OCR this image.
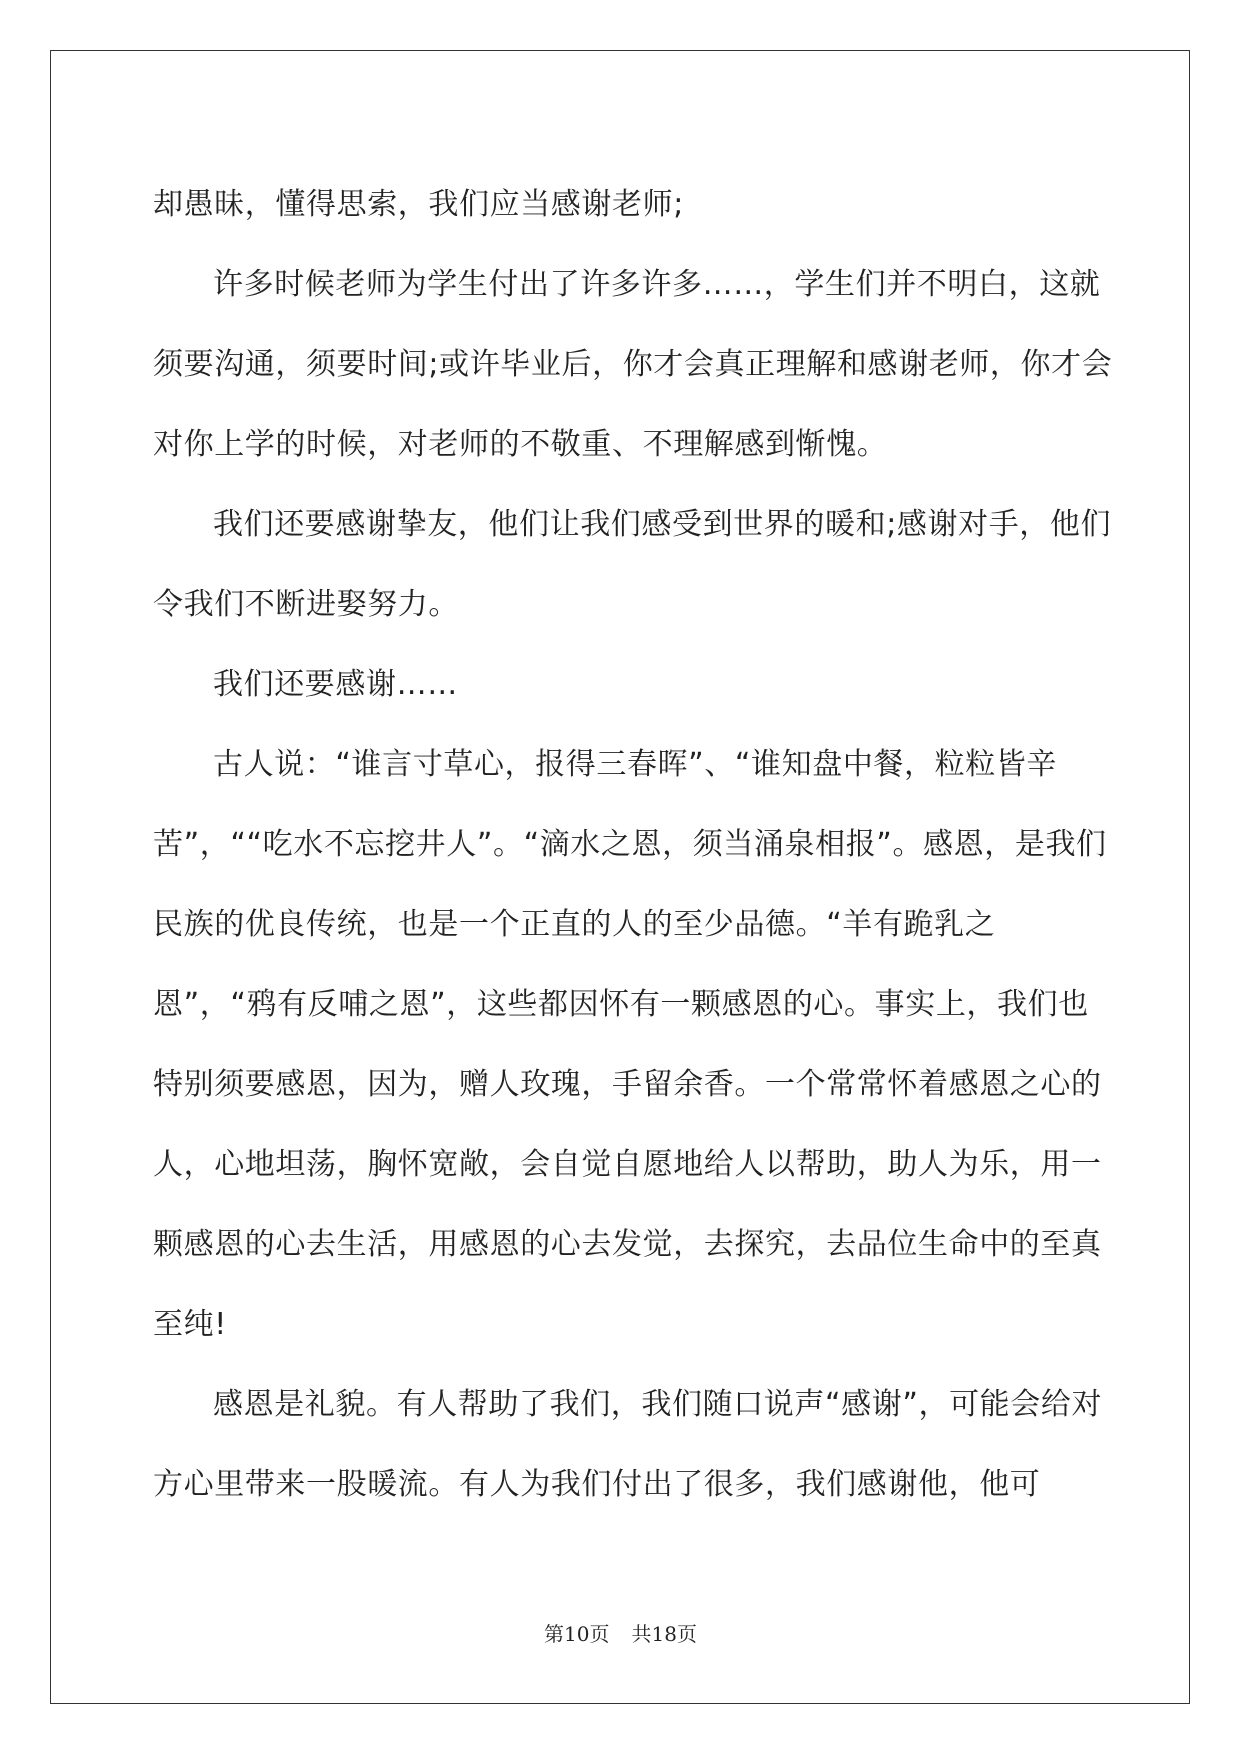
却愚昧，懂得思索，我们应当感谢老师;

许多时候老师为学生付出了许多许多……，学生们并不明白，这就须要沟通，须要时间;或许毕业后，你才会真正理解和感谢老师，你才会对你上学的时候，对老师的不敬重、不理解感到惭愧。

我们还要感谢挚友，他们让我们感受到世界的暖和;感谢对手，他们令我们不断进娶努力。

我们还要感谢……

古人说：“谁言寸草心，报得三春晖”、“谁知盘中餐，粒粒皆辛苦”，““吃水不忘挖井人”。“滴水之恩，须当涌泉相报”。感恩，是我们民族的优良传统，也是一个正直的人的至少品德。“羊有跪乳之恩”，“鸦有反哺之恩”，这些都因怀有一颗感恩的心。事实上，我们也特别须要感恩，因为，赠人玫瑰，手留余香。一个常常怀着感恩之心的人，心地坦荡，胸怀宽敞，会自觉自愿地给人以帮助，助人为乐，用一颗感恩的心去生活，用感恩的心去发觉，去探究，去品位生命中的至真至纯!

感恩是礼貌。有人帮助了我们，我们随口说声“感谢”，可能会给对方心里带来一股暖流。有人为我们付出了很多，我们感谢他，他可

第10页 共18页
